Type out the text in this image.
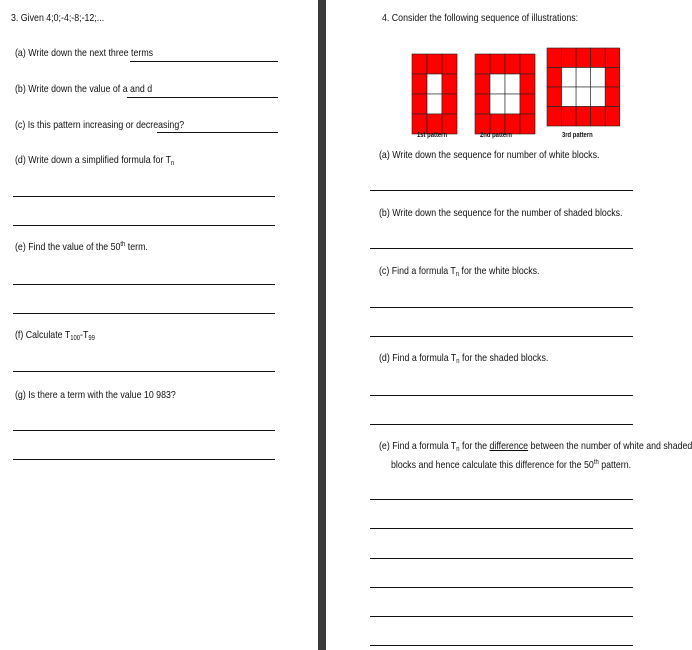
3. Given 4;0;-4;-8;-12;...
(a) Write down the next three terms
(b) Write down the value of a and d
(c) Is this pattern increasing or decreasing?
(d) Write down a simplified formula for $T_n$
(e) Find the value of the 50th term.
(f) Calculate $T_{100}-T_{99}$
(g) Is there a term with the value 10 983?
4. Consider the following sequence of illustrations:
1st pattern	2nd pattern	3rd pattern
(a) Write down the sequence for number of white blocks.
(b) Write down the sequence for the number of shaded blocks.
(c) Find a formula $T_n$ for the white blocks.
(d) Find a formula $T_n$ for the shaded blocks.
(e) Find a formula $T_n$ for the difference between the number of white and shaded
blocks and hence calculate this difference for the 50th pattern.
